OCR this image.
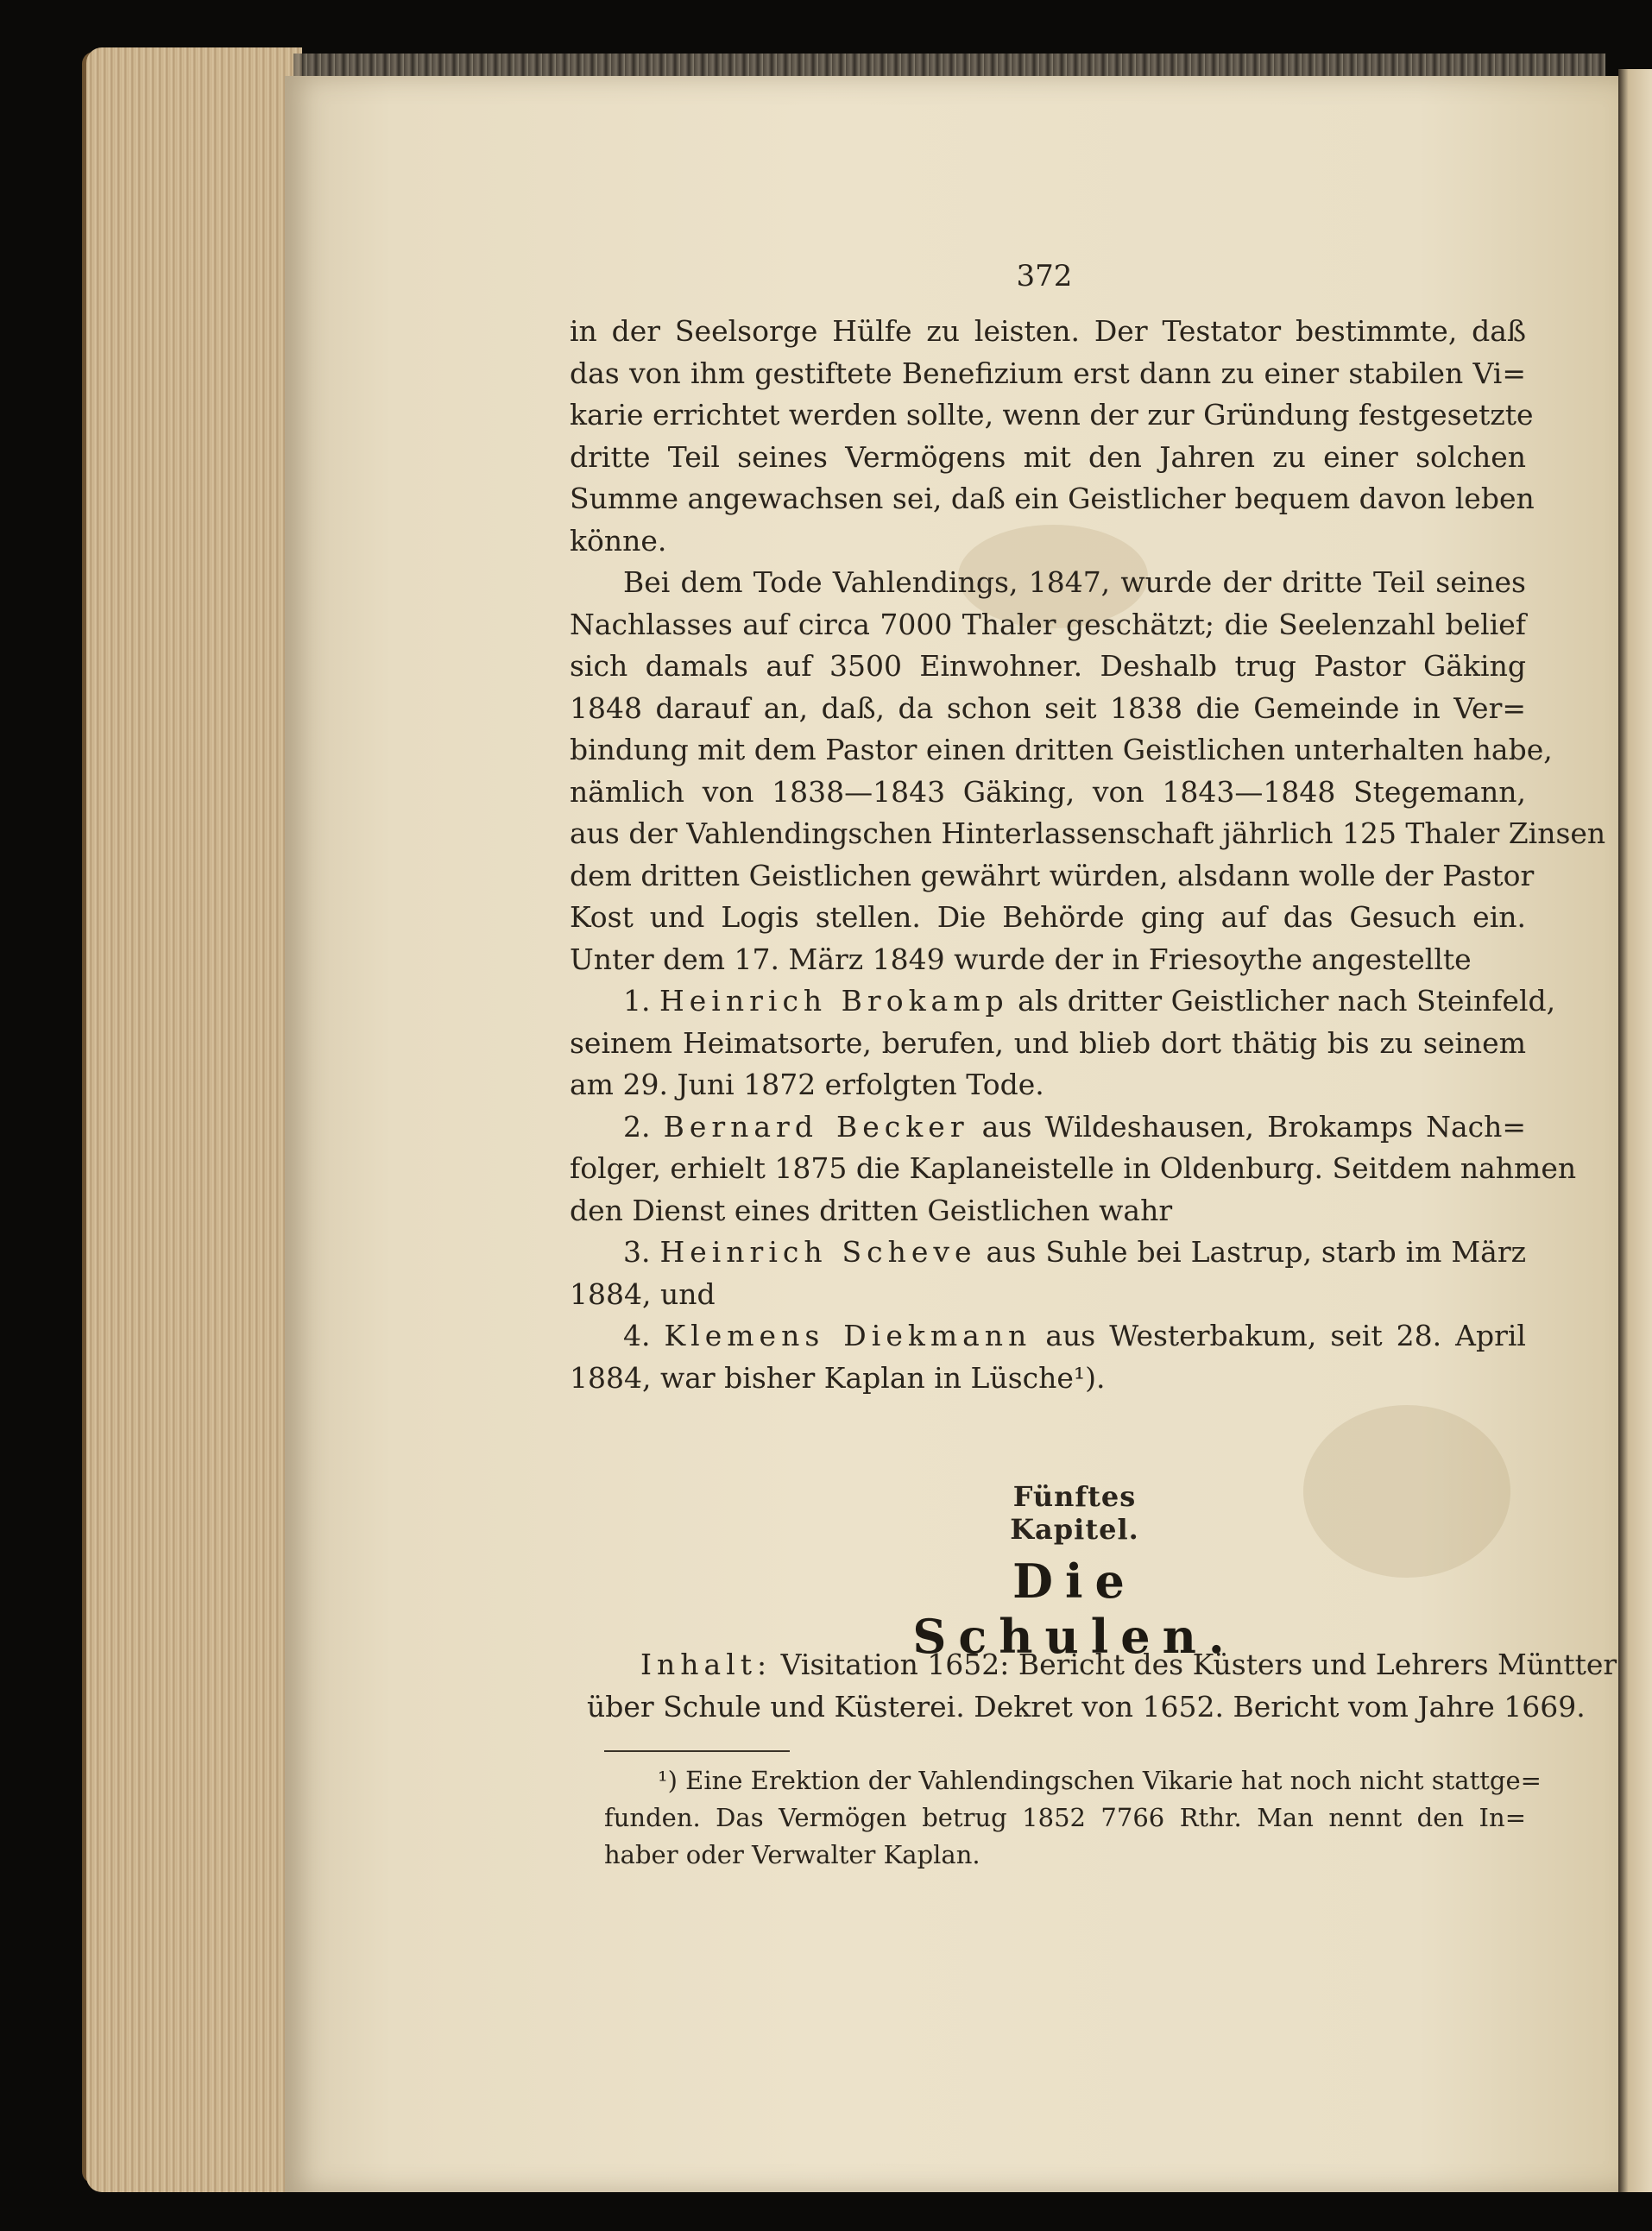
372
in der Seelsorge Hülfe zu leisten. Der Testator bestimmte, daß
das von ihm gestiftete Benefizium erst dann zu einer stabilen Vi=
karie errichtet werden sollte, wenn der zur Gründung festgesetzte
dritte Teil seines Vermögens mit den Jahren zu einer solchen
Summe angewachsen sei, daß ein Geistlicher bequem davon leben
könne.
Bei dem Tode Vahlendings, 1847, wurde der dritte Teil seines
Nachlasses auf circa 7000 Thaler geschätzt; die Seelenzahl belief
sich damals auf 3500 Einwohner. Deshalb trug Pastor Gäking
1848 darauf an, daß, da schon seit 1838 die Gemeinde in Ver=
bindung mit dem Pastor einen dritten Geistlichen unterhalten habe,
nämlich von 1838—1843 Gäking, von 1843—1848 Stegemann,
aus der Vahlendingschen Hinterlassenschaft jährlich 125 Thaler Zinsen
dem dritten Geistlichen gewährt würden, alsdann wolle der Pastor
Kost und Logis stellen. Die Behörde ging auf das Gesuch ein.
Unter dem 17. März 1849 wurde der in Friesoythe angestellte
1. Heinrich Brokamp als dritter Geistlicher nach Steinfeld,
seinem Heimatsorte, berufen, und blieb dort thätig bis zu seinem
am 29. Juni 1872 erfolgten Tode.
2. Bernard Becker aus Wildeshausen, Brokamps Nach=
folger, erhielt 1875 die Kaplaneistelle in Oldenburg. Seitdem nahmen
den Dienst eines dritten Geistlichen wahr
3. Heinrich Scheve aus Suhle bei Lastrup, starb im März
1884, und
4. Klemens Diekmann aus Westerbakum, seit 28. April
1884, war bisher Kaplan in Lüsche¹).
Fünftes Kapitel.
Die Schulen.
Inhalt: Visitation 1652: Bericht des Küsters und Lehrers Müntter
über Schule und Küsterei. Dekret von 1652. Bericht vom Jahre 1669.
¹) Eine Erektion der Vahlendingschen Vikarie hat noch nicht stattge=
funden. Das Vermögen betrug 1852 7766 Rthr. Man nennt den In=
haber oder Verwalter Kaplan.
